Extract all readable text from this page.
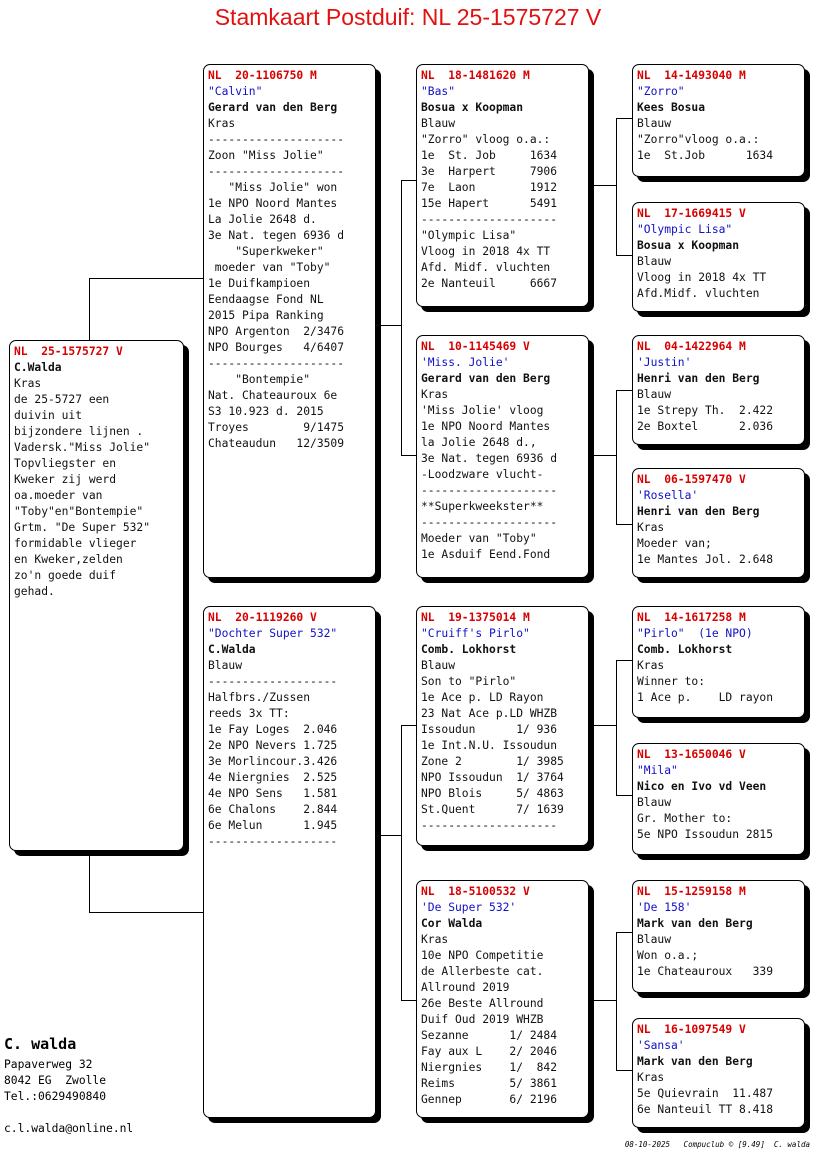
Stamkaart Postduif: NL 25-1575727 V
NL  25-1575727 V
C.Walda
Kras
de 25-5727 een
duivin uit
bijzondere lijnen .
Vadersk."Miss Jolie"
Topvliegster en
Kweker zij werd
oa.moeder van
"Toby"en"Bontempie"
Grtm. "De Super 532"
formidable vlieger
en Kweker,zelden
zo'n goede duif
gehad.
NL  20-1106750 M
"Calvin"
Gerard van den Berg
Kras
--------------------
Zoon "Miss Jolie"
--------------------
"Miss Jolie" won
1e NPO Noord Mantes
La Jolie 2648 d.
3e Nat. tegen 6936 d
"Superkweker"
moeder van "Toby"
1e Duifkampioen
Eendaagse Fond NL
2015 Pipa Ranking
NPO Argenton  2/3476
NPO Bourges   4/6407
--------------------
"Bontempie"
Nat. Chateauroux 6e
S3 10.923 d. 2015
Troyes        9/1475
Chateaudun   12/3509
NL  20-1119260 V
"Dochter Super 532"
C.Walda
Blauw
-------------------
Halfbrs./Zussen
reeds 3x TT:
1e Fay Loges  2.046
2e NPO Nevers 1.725
3e Morlincour.3.426
4e Niergnies  2.525
4e NPO Sens   1.581
6e Chalons    2.844
6e Melun      1.945
-------------------
NL  18-1481620 M
"Bas"
Bosua x Koopman
Blauw
"Zorro" vloog o.a.:
1e  St. Job     1634
3e  Harpert     7906
7e  Laon        1912
15e Hapert      5491
--------------------
"Olympic Lisa"
Vloog in 2018 4x TT
Afd. Midf. vluchten
2e Nanteuil     6667
NL  10-1145469 V
'Miss. Jolie'
Gerard van den Berg
Kras
'Miss Jolie' vloog
1e NPO Noord Mantes
la Jolie 2648 d.,
3e Nat. tegen 6936 d
-Loodzware vlucht-
--------------------
**Superkweekster**
--------------------
Moeder van "Toby"
1e Asduif Eend.Fond
NL  19-1375014 M
"Cruiff's Pirlo"
Comb. Lokhorst
Blauw
Son to "Pirlo"
1e Ace p. LD Rayon
23 Nat Ace p.LD WHZB
Issoudun      1/ 936
1e Int.N.U. Issoudun
Zone 2        1/ 3985
NPO Issoudun  1/ 3764
NPO Blois     5/ 4863
St.Quent      7/ 1639
--------------------
NL  18-5100532 V
'De Super 532'
Cor Walda
Kras
10e NPO Competitie
de Allerbeste cat.
Allround 2019
26e Beste Allround
Duif Oud 2019 WHZB
Sezanne      1/ 2484
Fay aux L    2/ 2046
Niergnies    1/  842
Reims        5/ 3861
Gennep       6/ 2196
NL  14-1493040 M
"Zorro"
Kees Bosua
Blauw
"Zorro"vloog o.a.:
1e  St.Job      1634
NL  17-1669415 V
"Olympic Lisa"
Bosua x Koopman
Blauw
Vloog in 2018 4x TT
Afd.Midf. vluchten
NL  04-1422964 M
'Justin'
Henri van den Berg
Blauw
1e Strepy Th.  2.422
2e Boxtel      2.036
NL  06-1597470 V
'Rosella'
Henri van den Berg
Kras
Moeder van;
1e Mantes Jol. 2.648
NL  14-1617258 M
"Pirlo"  (1e NPO)
Comb. Lokhorst
Kras
Winner to:
1 Ace p.    LD rayon
NL  13-1650046 V
"Mila"
Nico en Ivo vd Veen
Blauw
Gr. Mother to:
5e NPO Issoudun 2815
NL  15-1259158 M
'De 158'
Mark van den Berg
Blauw
Won o.a.;
1e Chateauroux   339
NL  16-1097549 V
'Sansa'
Mark van den Berg
Kras
5e Quievrain  11.487
6e Nanteuil TT 8.418
C. walda
Papaverweg 32
8042 EG  Zwolle
Tel.:0629490840

c.l.walda@online.nl
08-10-2025   Compuclub © [9.49]  C. walda
